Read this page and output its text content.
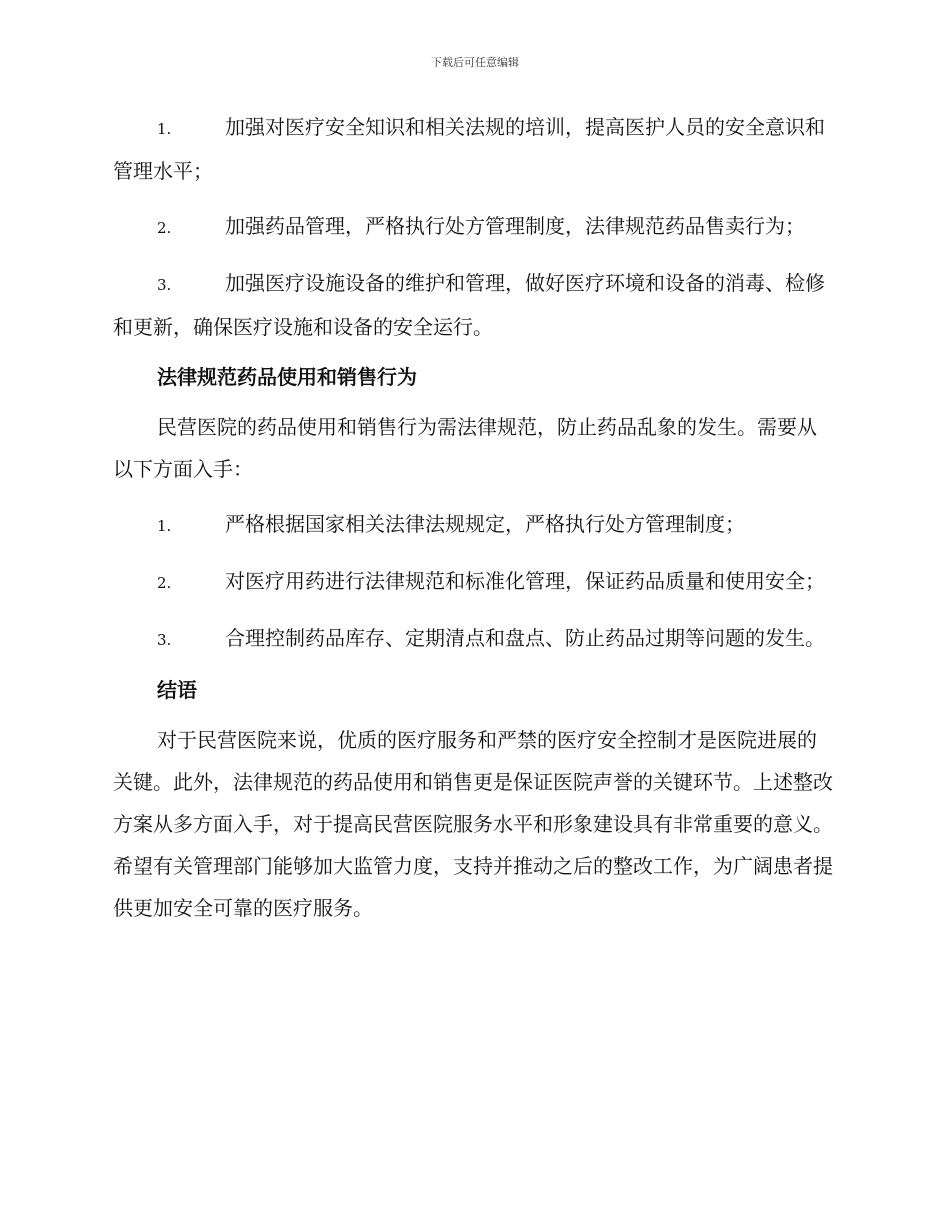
下载后可任意编辑

1.	加强对医疗安全知识和相关法规的培训，提高医护人员的安全意识和管理水平；

2.	加强药品管理，严格执行处方管理制度，法律规范药品售卖行为；

3.	加强医疗设施设备的维护和管理，做好医疗环境和设备的消毒、检修和更新，确保医疗设施和设备的安全运行。

法律规范药品使用和销售行为

民营医院的药品使用和销售行为需法律规范，防止药品乱象的发生。需要从以下方面入手：

1.	严格根据国家相关法律法规规定，严格执行处方管理制度；

2.	对医疗用药进行法律规范和标准化管理，保证药品质量和使用安全；

3.	合理控制药品库存、定期清点和盘点、防止药品过期等问题的发生。

结语

对于民营医院来说，优质的医疗服务和严禁的医疗安全控制才是医院进展的关键。此外，法律规范的药品使用和销售更是保证医院声誉的关键环节。上述整改方案从多方面入手，对于提高民营医院服务水平和形象建设具有非常重要的意义。希望有关管理部门能够加大监管力度，支持并推动之后的整改工作，为广阔患者提供更加安全可靠的医疗服务。
